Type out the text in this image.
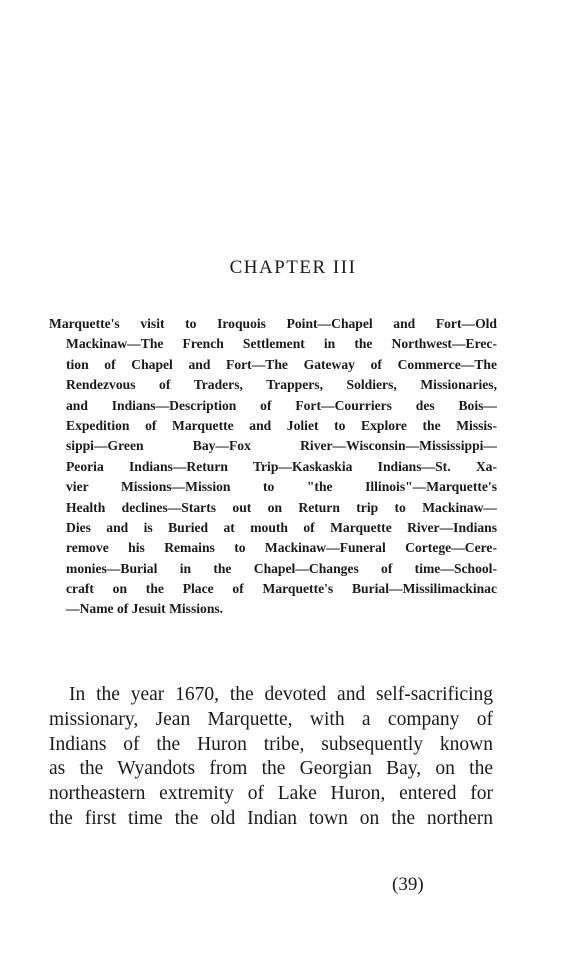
CHAPTER III
Marquette's visit to Iroquois Point—Chapel and Fort—Old
Mackinaw—The French Settlement in the Northwest—Erec-
tion of Chapel and Fort—The Gateway of Commerce—The
Rendezvous of Traders, Trappers, Soldiers, Missionaries,
and Indians—Description of Fort—Courriers des Bois—
Expedition of Marquette and Joliet to Explore the Missis-
sippi—Green Bay—Fox River—Wisconsin—Mississippi—
Peoria Indians—Return Trip—Kaskaskia Indians—St. Xa-
vier Missions—Mission to "the Illinois"—Marquette's
Health declines—Starts out on Return trip to Mackinaw—
Dies and is Buried at mouth of Marquette River—Indians
remove his Remains to Mackinaw—Funeral Cortege—Cere-
monies—Burial in the Chapel—Changes of time—School-
craft on the Place of Marquette's Burial—Missilimackinac
—Name of Jesuit Missions.
In the year 1670, the devoted and self-sacrificing
missionary, Jean Marquette, with a company of
Indians of the Huron tribe, subsequently known
as the Wyandots from the Georgian Bay, on the
northeastern extremity of Lake Huron, entered for
the first time the old Indian town on the northern
(39)
